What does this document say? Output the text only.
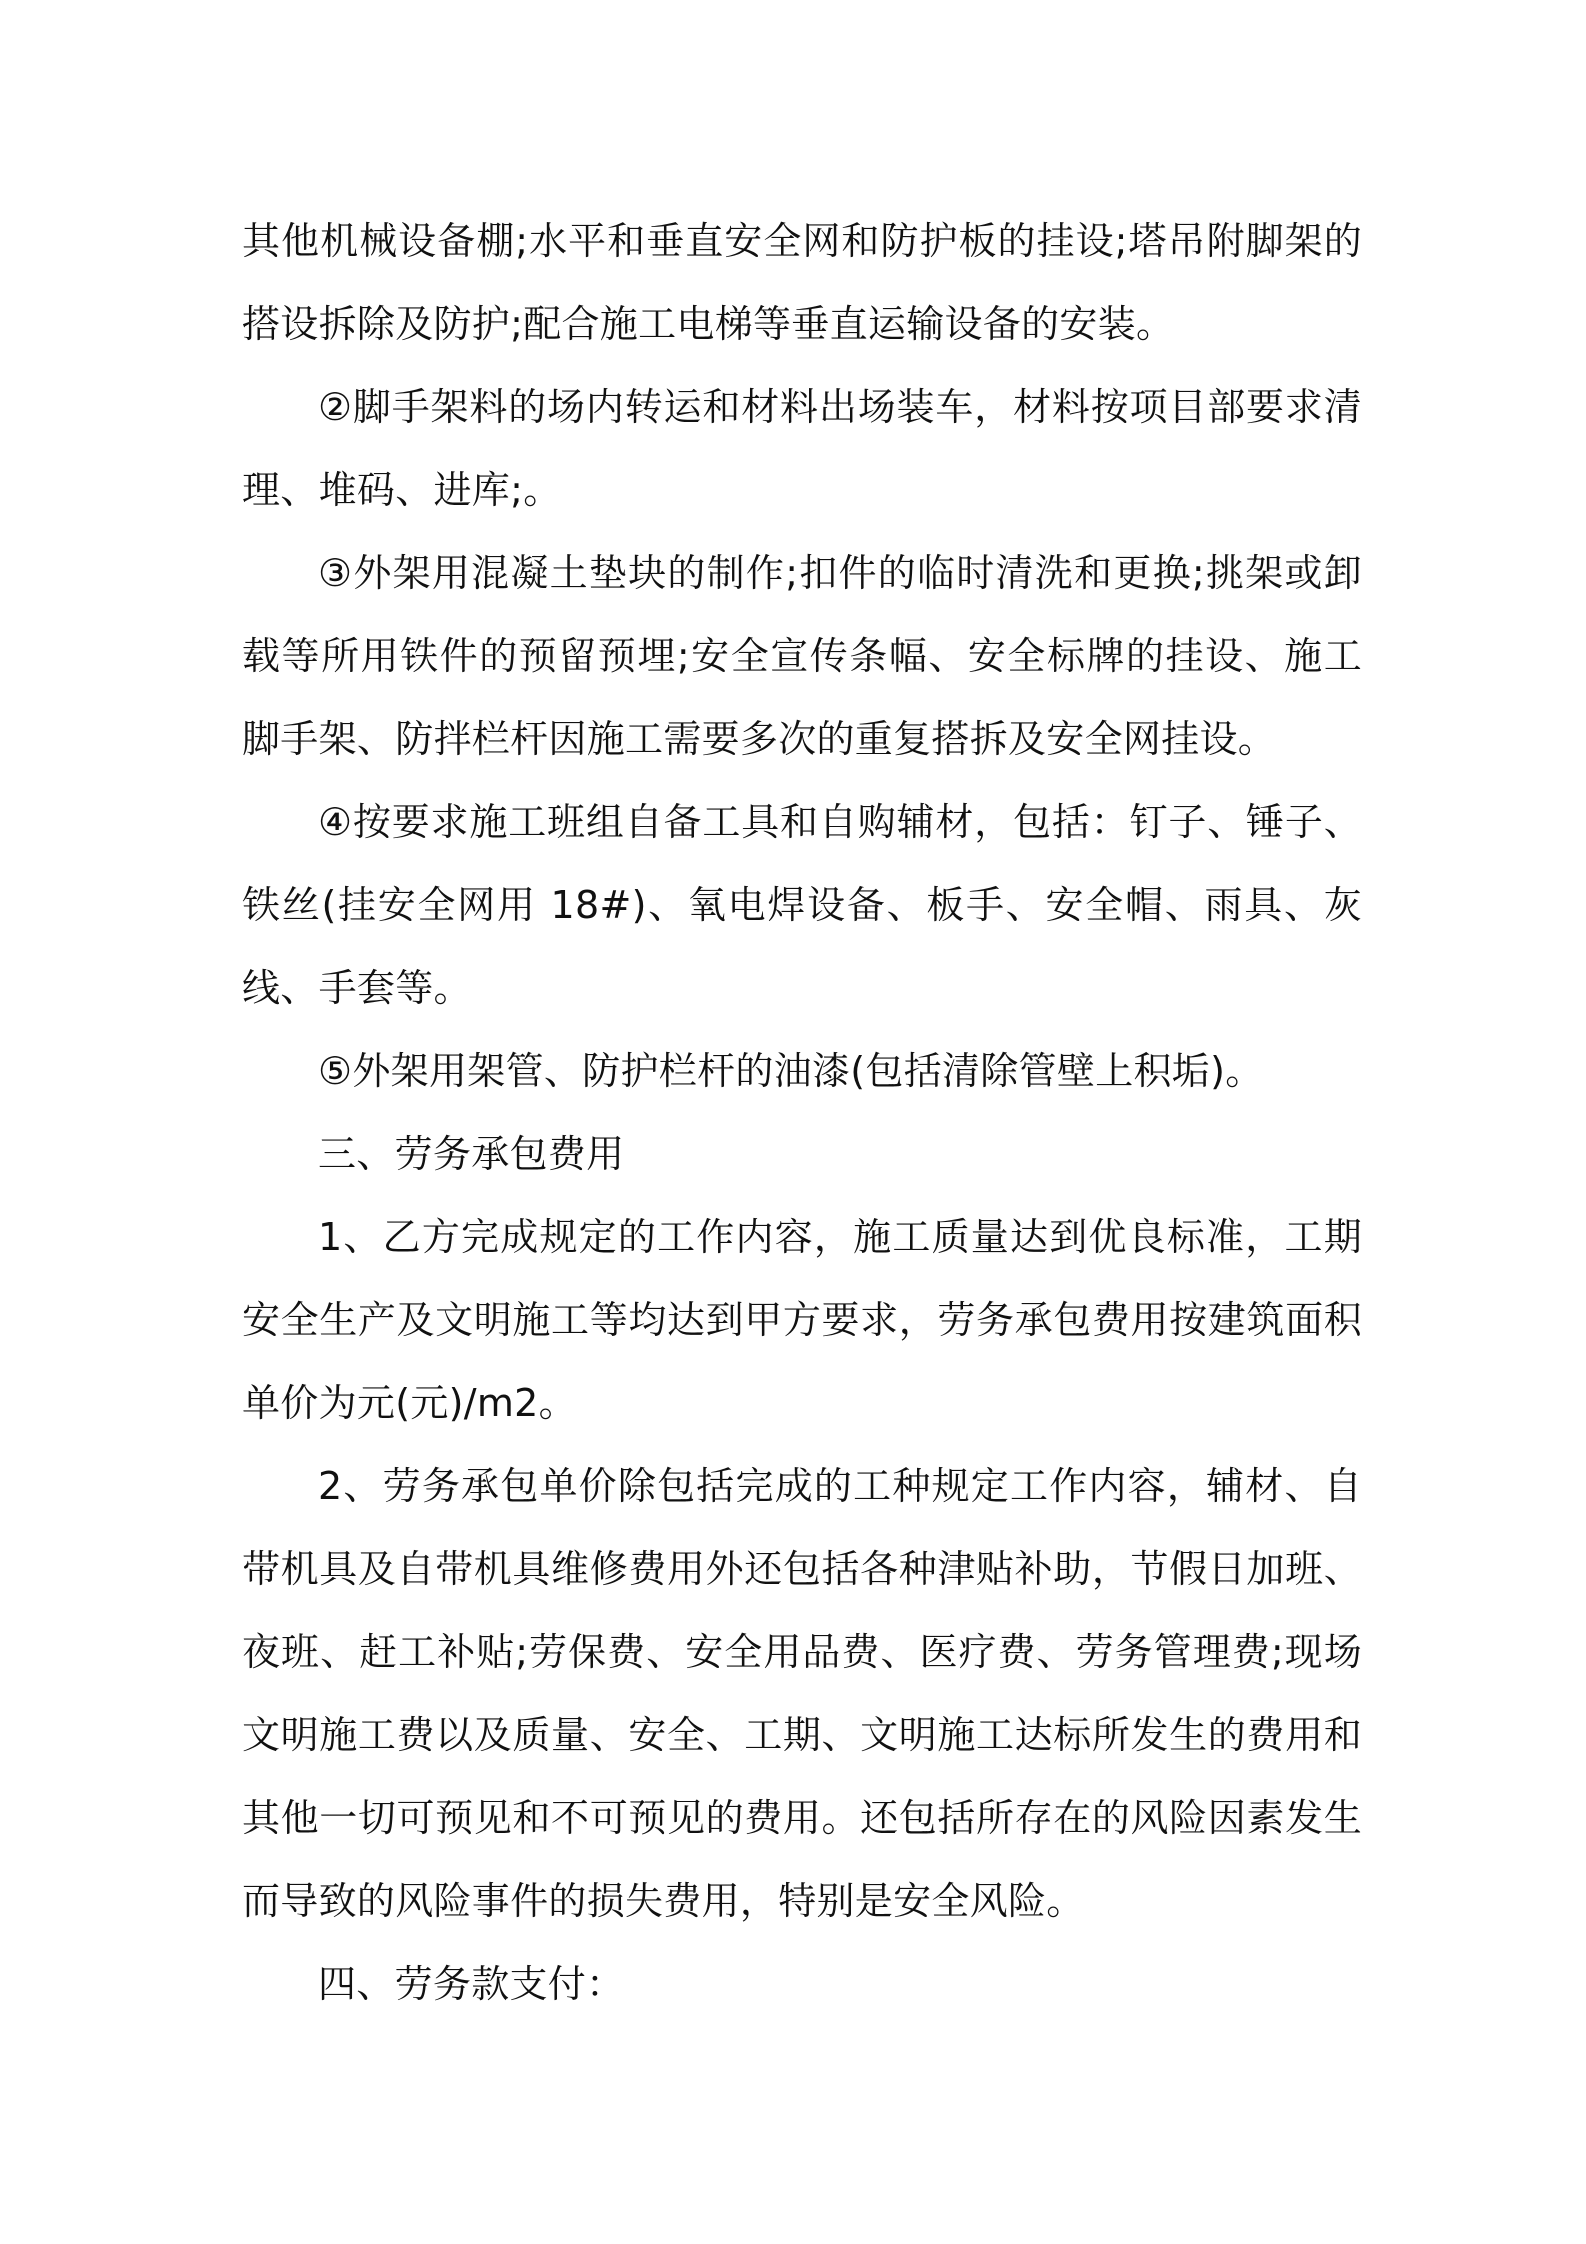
其他机械设备棚;水平和垂直安全网和防护板的挂设;塔吊附脚架的搭设拆除及防护;配合施工电梯等垂直运输设备的安装。

②脚手架料的场内转运和材料出场装车，材料按项目部要求清理、堆码、进库;。

③外架用混凝土垫块的制作;扣件的临时清洗和更换;挑架或卸载等所用铁件的预留预埋;安全宣传条幅、安全标牌的挂设、施工脚手架、防拌栏杆因施工需要多次的重复搭拆及安全网挂设。

④按要求施工班组自备工具和自购辅材，包括：钉子、锤子、铁丝(挂安全网用 18#)、氧电焊设备、板手、安全帽、雨具、灰线、手套等。

⑤外架用架管、防护栏杆的油漆(包括清除管壁上积垢)。

三、劳务承包费用

1、乙方完成规定的工作内容，施工质量达到优良标准，工期安全生产及文明施工等均达到甲方要求，劳务承包费用按建筑面积单价为元(元)/m2。

2、劳务承包单价除包括完成的工种规定工作内容，辅材、自带机具及自带机具维修费用外还包括各种津贴补助，节假日加班、夜班、赶工补贴;劳保费、安全用品费、医疗费、劳务管理费;现场文明施工费以及质量、安全、工期、文明施工达标所发生的费用和其他一切可预见和不可预见的费用。还包括所存在的风险因素发生而导致的风险事件的损失费用，特别是安全风险。

四、劳务款支付：
